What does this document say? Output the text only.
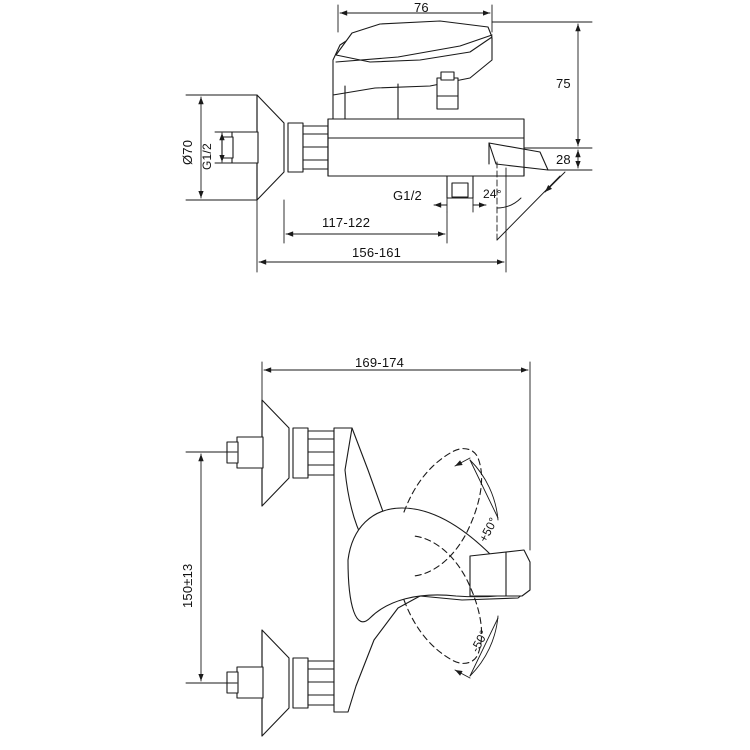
76
75
28
Ø70 G1/2
G1/2
117-122
156-161
24°
169-174
150±13
+50°
-50°
